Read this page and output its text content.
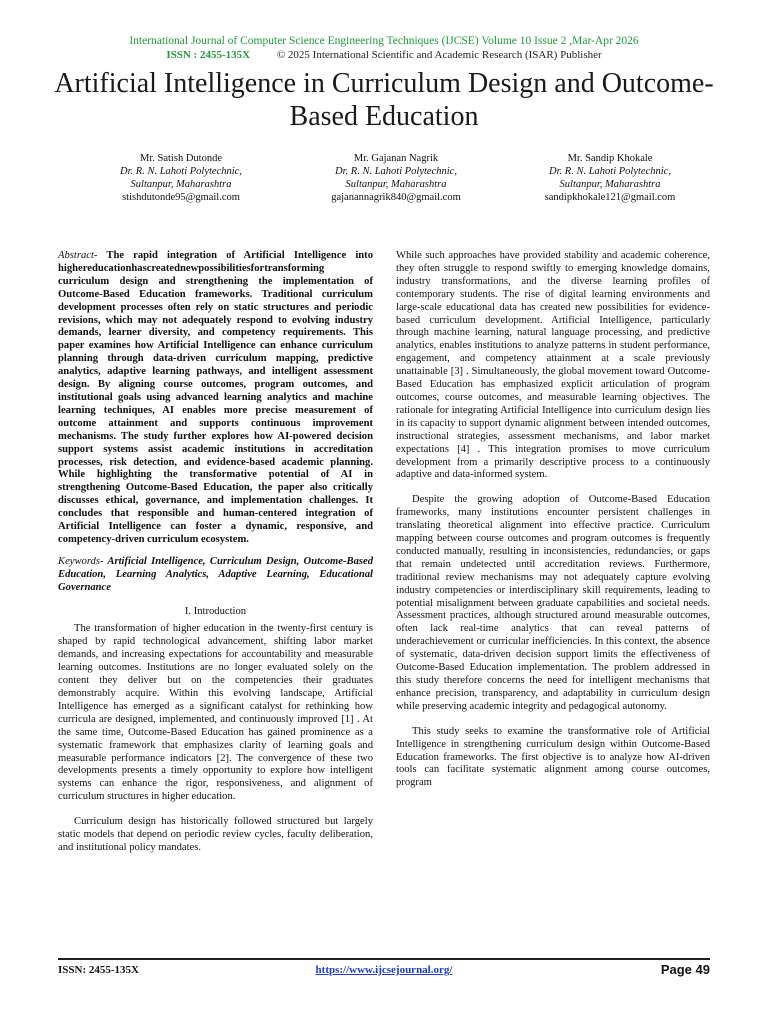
International Journal of Computer Science Engineering Techniques (IJCSE) Volume 10 Issue 2 ,Mar-Apr 2026
ISSN : 2455-135X © 2025 International Scientific and Academic Research (ISAR) Publisher
Artificial Intelligence in Curriculum Design and Outcome-Based Education
Mr. Satish Dutonde
Dr. R. N. Lahoti Polytechnic,
Sultanpur, Maharashtra
stishdutonde95@gmail.com
Mr. Gajanan Nagrik
Dr. R. N. Lahoti Polytechnic,
Sultanpur, Maharashtra
gajanannagrik840@gmail.com
Mr. Sandip Khokale
Dr. R. N. Lahoti Polytechnic,
Sultanpur, Maharashtra
sandipkhokale121@gmail.com

Abstract- The rapid integration of Artificial Intelligence into highereducationhascreatednewpossibilitiesfortransforming curriculum design and strengthening the implementation of Outcome-Based Education frameworks. Traditional curriculum development processes often rely on static structures and periodic revisions, which may not adequately respond to evolving industry demands, learner diversity, and competency requirements. This paper examines how Artificial Intelligence can enhance curriculum planning through data-driven curriculum mapping, predictive analytics, adaptive learning pathways, and intelligent assessment design. By aligning course outcomes, program outcomes, and institutional goals using advanced learning analytics and machine learning techniques, AI enables more precise measurement of outcome attainment and supports continuous improvement mechanisms. The study further explores how AI-powered decision support systems assist academic institutions in accreditation processes, risk detection, and evidence-based academic planning. While highlighting the transformative potential of AI in strengthening Outcome-Based Education, the paper also critically discusses ethical, governance, and implementation challenges. It concludes that responsible and human-centered integration of Artificial Intelligence can foster a dynamic, responsive, and competency-driven curriculum ecosystem.

Keywords- Artificial Intelligence, Curriculum Design, Outcome-Based Education, Learning Analytics, Adaptive Learning, Educational Governance

I. Introduction

The transformation of higher education in the twenty-first century is shaped by rapid technological advancement, shifting labor market demands, and increasing expectations for accountability and measurable learning outcomes. Institutions are no longer evaluated solely on the content they deliver but on the competencies their graduates demonstrably acquire. Within this evolving landscape, Artificial Intelligence has emerged as a significant catalyst for rethinking how curricula are designed, implemented, and continuously improved [1] . At the same time, Outcome-Based Education has gained prominence as a systematic framework that emphasizes clarity of learning goals and measurable performance indicators [2]. The convergence of these two developments presents a timely opportunity to explore how intelligent systems can enhance the rigor, responsiveness, and alignment of curriculum structures in higher education.

Curriculum design has historically followed structured but largely static models that depend on periodic review cycles, faculty deliberation, and institutional policy mandates.

While such approaches have provided stability and academic coherence, they often struggle to respond swiftly to emerging knowledge domains, industry transformations, and the diverse learning profiles of contemporary students. The rise of digital learning environments and large-scale educational data has created new possibilities for evidence-based curriculum development. Artificial Intelligence, particularly through machine learning, natural language processing, and predictive analytics, enables institutions to analyze patterns in student performance, engagement, and competency attainment at a scale previously unattainable [3] . Simultaneously, the global movement toward Outcome-Based Education has emphasized explicit articulation of program outcomes, course outcomes, and measurable learning objectives. The rationale for integrating Artificial Intelligence into curriculum design lies in its capacity to support dynamic alignment between intended outcomes, instructional strategies, assessment mechanisms, and labor market expectations [4] . This integration promises to move curriculum development from a primarily descriptive process to a continuously adaptive and data-informed system.

Despite the growing adoption of Outcome-Based Education frameworks, many institutions encounter persistent challenges in translating theoretical alignment into effective practice. Curriculum mapping between course outcomes and program outcomes is frequently conducted manually, resulting in inconsistencies, redundancies, or gaps that remain undetected until accreditation reviews. Furthermore, traditional review mechanisms may not adequately capture evolving industry competencies or interdisciplinary skill requirements, leading to potential misalignment between graduate capabilities and societal needs. Assessment practices, although structured around measurable outcomes, often lack real-time analytics that can reveal patterns of underachievement or curricular inefficiencies. In this context, the absence of systematic, data-driven decision support limits the effectiveness of Outcome-Based Education implementation. The problem addressed in this study therefore concerns the need for intelligent mechanisms that enhance precision, transparency, and adaptability in curriculum design while preserving academic integrity and pedagogical autonomy.

This study seeks to examine the transformative role of Artificial Intelligence in strengthening curriculum design within Outcome-Based Education frameworks. The first objective is to analyze how AI-driven tools can facilitate systematic alignment among course outcomes, program

ISSN: 2455-135X	https://www.ijcsejournal.org/	Page 49
